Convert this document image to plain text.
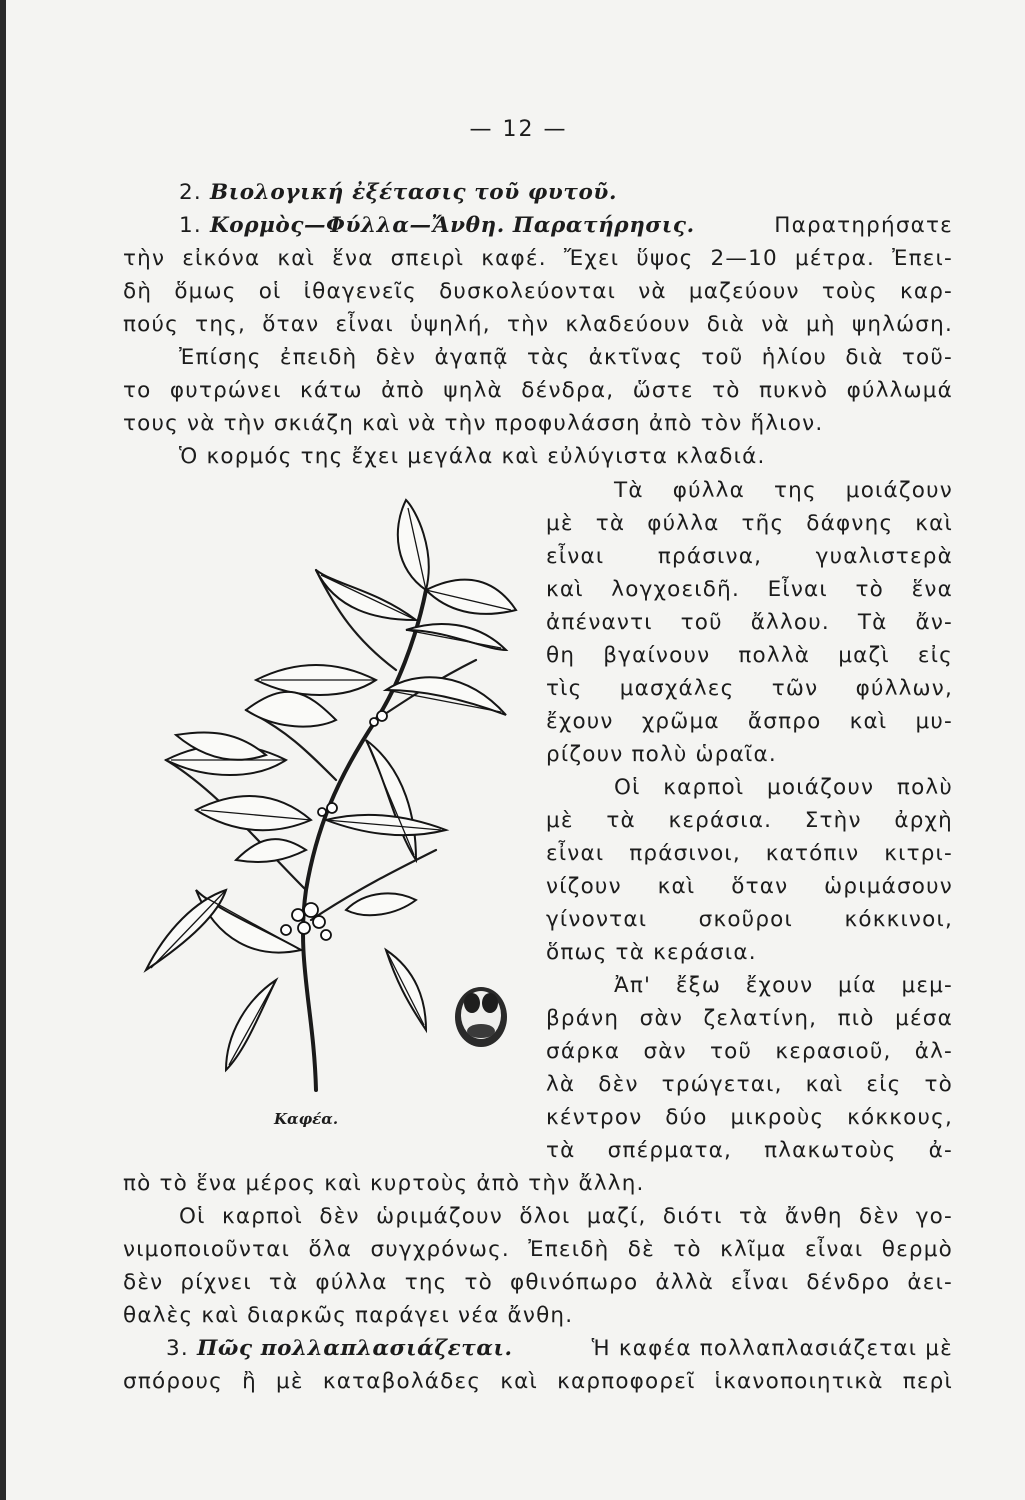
— 12 —
2. Βιολογική ἐξέτασις τοῦ φυτοῦ.
1. Κορμὸς—Φύλλα—Ἄνθη. Παρατήρησις.	Παρατηρήσατε
τὴν εἰκόνα καὶ ἕνα σπειρὶ καφέ. Ἔχει ὕψος 2—10 μέτρα. Ἐπει-
δὴ ὅμως οἱ ἰθαγενεῖς δυσκολεύονται νὰ μαζεύουν τοὺς καρ-
πούς της, ὅταν εἶναι ὑψηλή, τὴν κλαδεύουν διὰ νὰ μὴ ψηλώση.
Ἐπίσης ἐπειδὴ δὲν ἀγαπᾷ τὰς ἀκτῖνας τοῦ ἡλίου διὰ τοῦ-
το φυτρώνει κάτω ἀπὸ ψηλὰ δένδρα, ὥστε τὸ πυκνὸ φύλλωμά
τους νὰ τὴν σκιάζη καὶ νὰ τὴν προφυλάσση ἀπὸ τὸν ἥλιον.
Ὁ κορμός της ἔχει μεγάλα καὶ εὐλύγιστα κλαδιά.
Τὰ φύλλα της μοιάζουν
μὲ τὰ φύλλα τῆς δάφνης καὶ
εἶναι πράσινα, γυαλιστερὰ
καὶ λογχοειδῆ. Εἶναι τὸ ἕνα
ἀπέναντι τοῦ ἄλλου. Τὰ ἄν-
θη βγαίνουν πολλὰ μαζὶ εἰς
τὶς μασχάλες τῶν φύλλων,
ἔχουν χρῶμα ἄσπρο καὶ μυ-
ρίζουν πολὺ ὡραῖα.
Οἱ καρποὶ μοιάζουν πολὺ
μὲ τὰ κεράσια. Στὴν ἀρχὴ
εἶναι πράσινοι, κατόπιν κιτρι-
νίζουν καὶ ὅταν ὡριμάσουν
γίνονται σκοῦροι κόκκινοι,
ὅπως τὰ κεράσια.
Ἀπ' ἔξω ἔχουν μία μεμ-
βράνη σὰν ζελατίνη, πιὸ μέσα
σάρκα σὰν τοῦ κερασιοῦ, ἀλ-
λὰ δὲν τρώγεται, καὶ εἰς τὸ
κέντρον δύο μικροὺς κόκκους,
τὰ σπέρματα, πλακωτοὺς ἀ-
πὸ τὸ ἕνα μέρος καὶ κυρτοὺς ἀπὸ τὴν ἄλλη.
Οἱ καρποὶ δὲν ὡριμάζουν ὅλοι μαζί, διότι τὰ ἄνθη δὲν γο-
νιμοποιοῦνται ὅλα συγχρόνως. Ἐπειδὴ δὲ τὸ κλῖμα εἶναι θερμὸ
δὲν ρίχνει τὰ φύλλα της τὸ φθινόπωρο ἀλλὰ εἶναι δένδρο ἀει-
θαλὲς καὶ διαρκῶς παράγει νέα ἄνθη.
3. Πῶς πολλαπλασιάζεται.	Ἡ καφέα πολλαπλασιάζεται μὲ
σπόρους ἢ μὲ καταβολάδες καὶ καρποφορεῖ ἱκανοποιητικὰ περὶ
Καφέα.
